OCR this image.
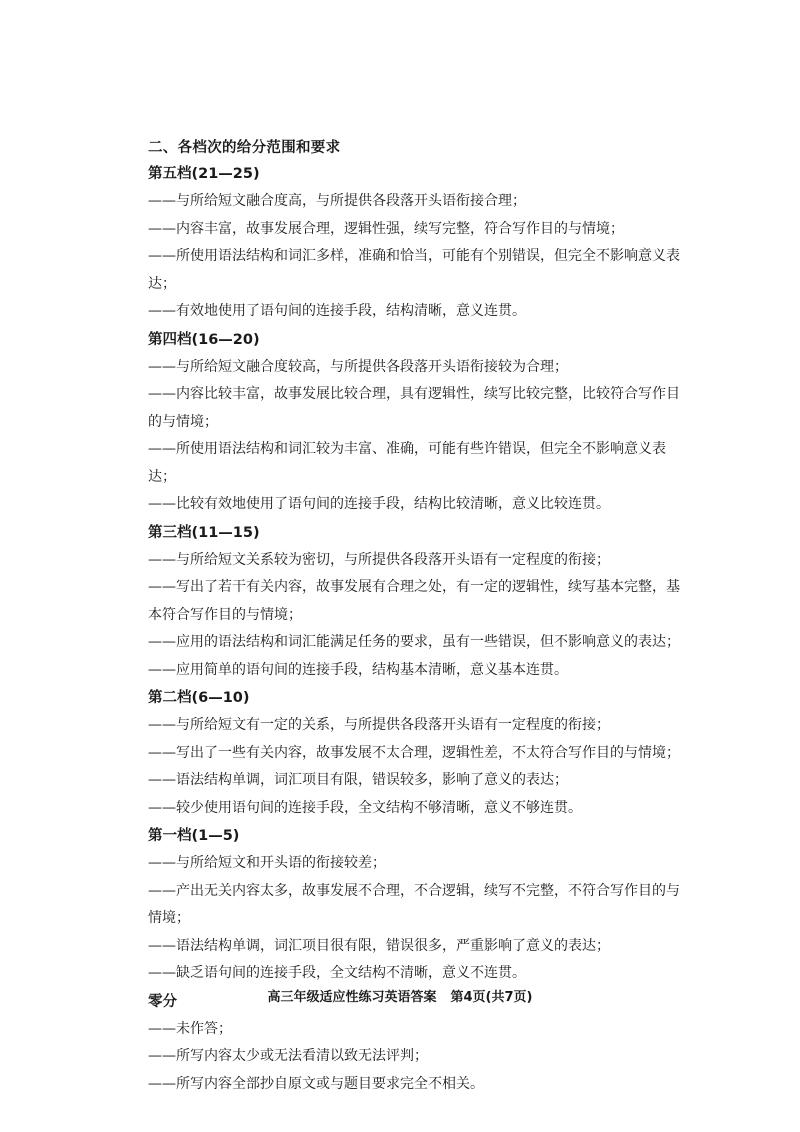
二、各档次的给分范围和要求
第五档(21—25)
——与所给短文融合度高，与所提供各段落开头语衔接合理；
——内容丰富，故事发展合理，逻辑性强，续写完整，符合写作目的与情境；
——所使用语法结构和词汇多样，准确和恰当，可能有个别错误，但完全不影响意义表 达；
——有效地使用了语句间的连接手段，结构清晰，意义连贯。
第四档(16—20)
——与所给短文融合度较高，与所提供各段落开头语衔接较为合理；
——内容比较丰富，故事发展比较合理，具有逻辑性，续写比较完整，比较符合写作目的与情境；
——所使用语法结构和词汇较为丰富、准确，可能有些许错误，但完全不影响意义表达；
——比较有效地使用了语句间的连接手段，结构比较清晰，意义比较连贯。
第三档(11—15)
——与所给短文关系较为密切，与所提供各段落开头语有一定程度的衔接；
——写出了若干有关内容，故事发展有合理之处，有一定的逻辑性，续写基本完整，基本符合写作目的与情境；
——应用的语法结构和词汇能满足任务的要求，虽有一些错误，但不影响意义的表达；
——应用简单的语句间的连接手段，结构基本清晰，意义基本连贯。
第二档(6—10)
——与所给短文有一定的关系，与所提供各段落开头语有一定程度的衔接；
——写出了一些有关内容，故事发展不太合理，逻辑性差，不太符合写作目的与情境；
——语法结构单调，词汇项目有限，错误较多，影响了意义的表达；
——较少使用语句间的连接手段，全文结构不够清晰，意义不够连贯。
第一档(1—5)
——与所给短文和开头语的衔接较差；
——产出无关内容太多，故事发展不合理，不合逻辑，续写不完整，不符合写作目的与情境；
——语法结构单调，词汇项目很有限，错误很多，严重影响了意义的表达；
——缺乏语句间的连接手段，全文结构不清晰，意义不连贯。
零分
——未作答；
——所写内容太少或无法看清以致无法评判；
——所写内容全部抄自原文或与题目要求完全不相关。
高三年级适应性练习英语答案 第4页(共7页)
